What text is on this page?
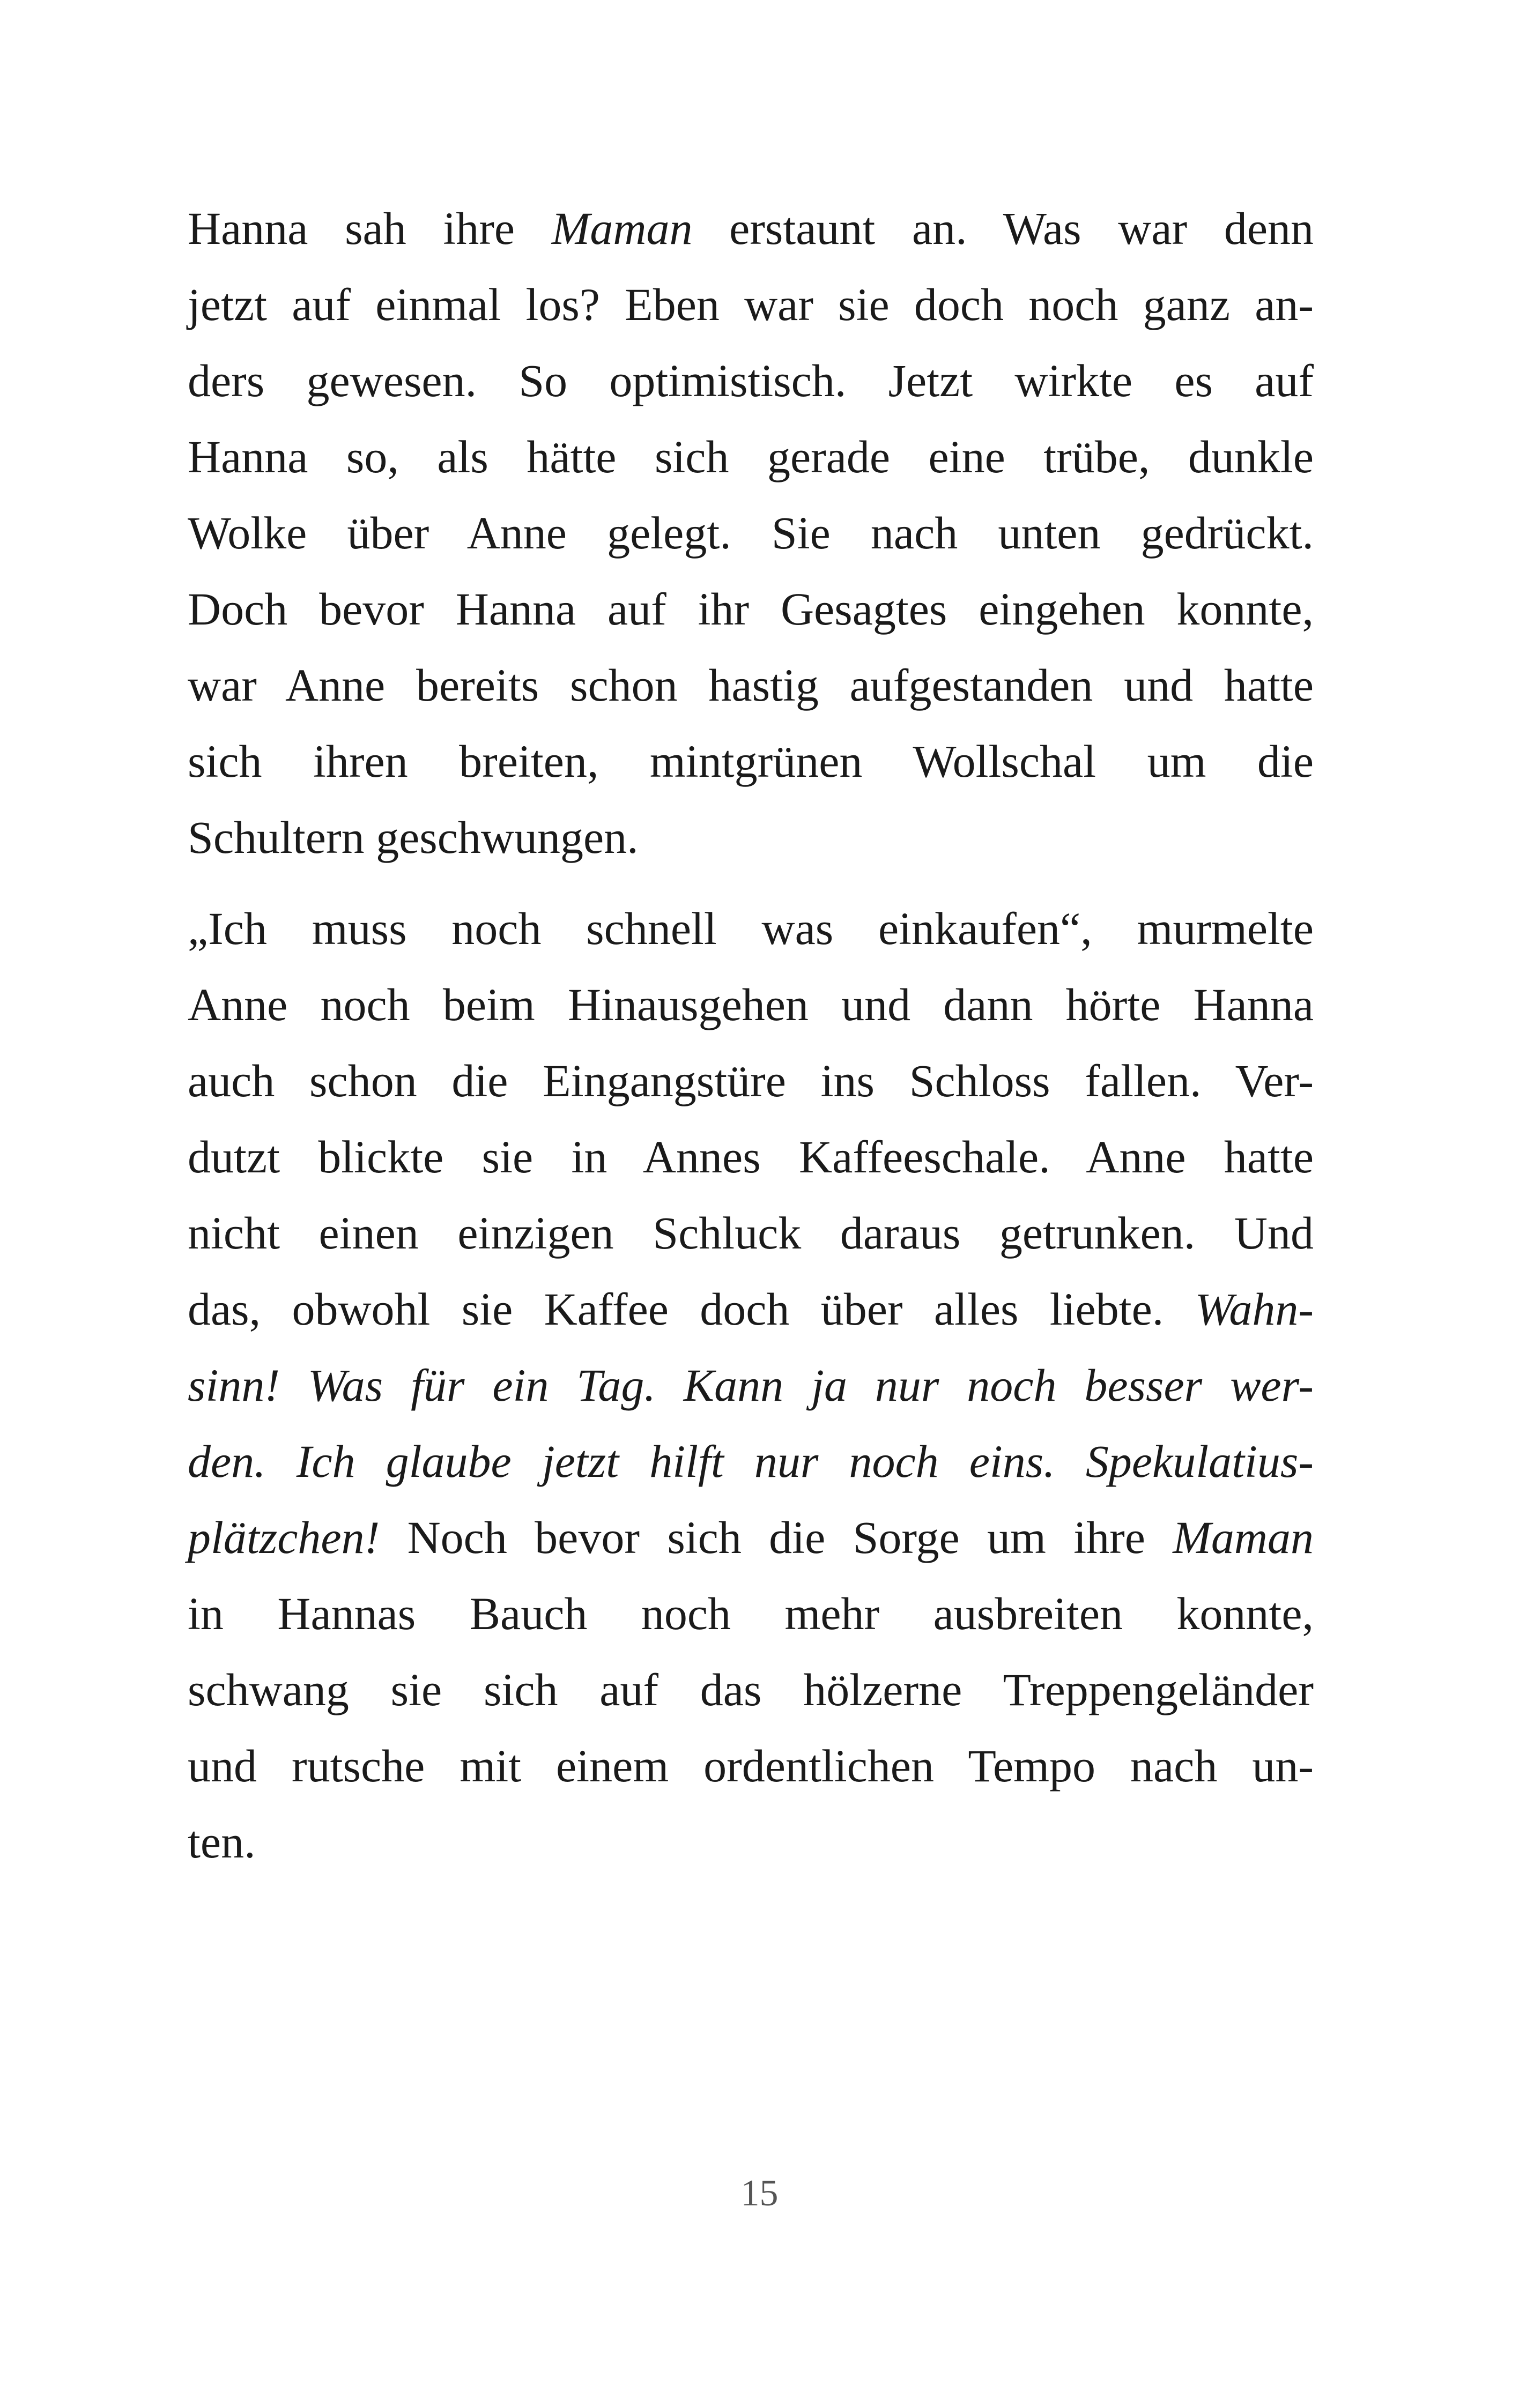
Hanna sah ihre Maman erstaunt an. Was war denn
jetzt auf einmal los? Eben war sie doch noch ganz an-
ders gewesen. So optimistisch. Jetzt wirkte es auf
Hanna so, als hätte sich gerade eine trübe, dunkle
Wolke über Anne gelegt. Sie nach unten gedrückt.
Doch bevor Hanna auf ihr Gesagtes eingehen konnte,
war Anne bereits schon hastig aufgestanden und hatte
sich ihren breiten, mintgrünen Wollschal um die
Schultern geschwungen.

„Ich muss noch schnell was einkaufen“, murmelte
Anne noch beim Hinausgehen und dann hörte Hanna
auch schon die Eingangstüre ins Schloss fallen. Ver-
dutzt blickte sie in Annes Kaffeeschale. Anne hatte
nicht einen einzigen Schluck daraus getrunken. Und
das, obwohl sie Kaffee doch über alles liebte. Wahn-
sinn! Was für ein Tag. Kann ja nur noch besser wer-
den. Ich glaube jetzt hilft nur noch eins. Spekulatius-
plätzchen! Noch bevor sich die Sorge um ihre Maman
in Hannas Bauch noch mehr ausbreiten konnte,
schwang sie sich auf das hölzerne Treppengeländer
und rutsche mit einem ordentlichen Tempo nach un-
ten.

15
